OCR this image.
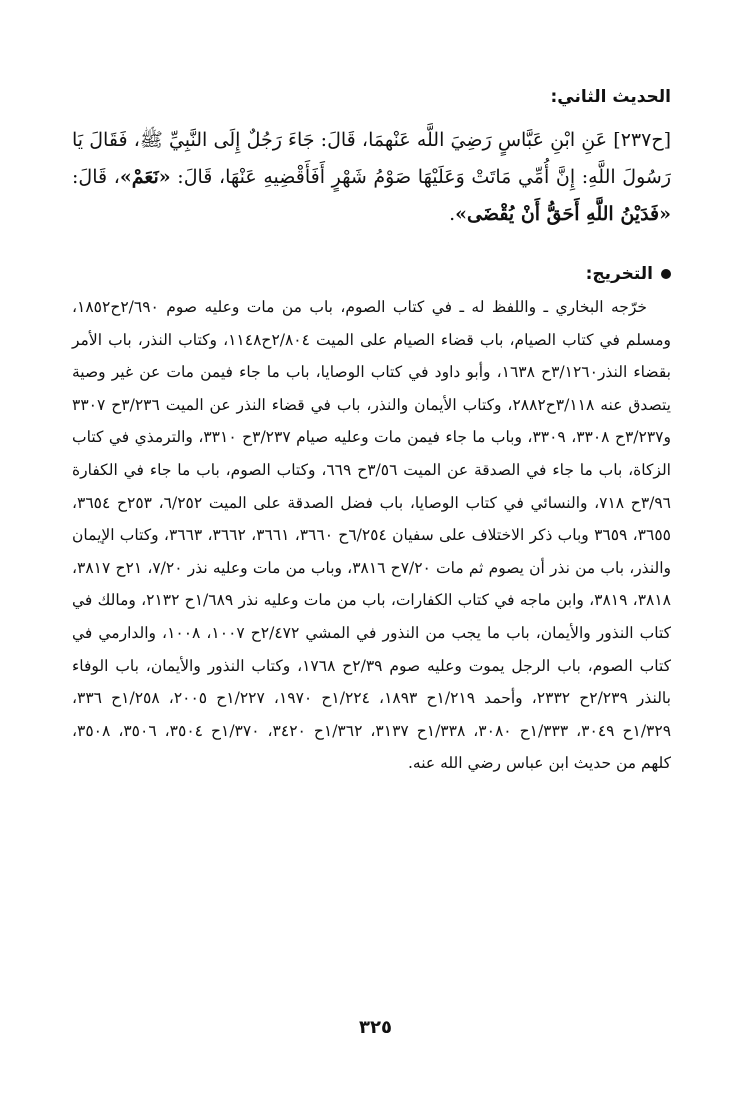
الحديث الثاني:

[ح٢٣٧] عَنِ ابْنِ عَبَّاسٍ رَضِيَ اللَّه عَنْهمَا، قَالَ: جَاءَ رَجُلٌ إِلَى النَّبِيِّ ﷺ، فَقَالَ يَا رَسُولَ اللَّهِ: إِنَّ أُمِّي مَاتَتْ وَعَلَيْهَا صَوْمُ شَهْرٍ أَفَأَقْضِيهِ عَنْهَا، قَالَ: «نَعَمْ»، قَالَ: «فَدَيْنُ اللَّهِ أَحَقُّ أَنْ يُقْضَى».

التخريج:

خرّجه البخاري ـ واللفظ له ـ في كتاب الصوم، باب من مات وعليه صوم ٢/٦٩٠ح١٨٥٢، ومسلم في كتاب الصيام، باب قضاء الصيام على الميت ٢/٨٠٤ح١١٤٨، وكتاب النذر، باب الأمر بقضاء النذر٣/١٢٦٠ح ١٦٣٨، وأبو داود في كتاب الوصايا، باب ما جاء فيمن مات عن غير وصية يتصدق عنه ٣/١١٨ح٢٨٨٢، وكتاب الأيمان والنذر، باب في قضاء النذر عن الميت ٣/٢٣٦ح ٣٣٠٧ و٣/٢٣٧ح ٣٣٠٨، ٣٣٠٩، وباب ما جاء فيمن مات وعليه صيام ٣/٢٣٧ح ٣٣١٠، والترمذي في كتاب الزكاة، باب ما جاء في الصدقة عن الميت ٣/٥٦ح ٦٦٩، وكتاب الصوم، باب ما جاء في الكفارة ٣/٩٦ح ٧١٨، والنسائي في كتاب الوصايا، باب فضل الصدقة على الميت ٦/٢٥٢، ٢٥٣ح ٣٦٥٤، ٣٦٥٥، ٣٦٥٩ وباب ذكر الاختلاف على سفيان ٦/٢٥٤ح ٣٦٦٠، ٣٦٦١، ٣٦٦٢، ٣٦٦٣، وكتاب الإيمان والنذر، باب من نذر أن يصوم ثم مات ٧/٢٠ح ٣٨١٦، وباب من مات وعليه نذر ٧/٢٠، ٢١ح ٣٨١٧، ٣٨١٨، ٣٨١٩، وابن ماجه في كتاب الكفارات، باب من مات وعليه نذر ١/٦٨٩ح ٢١٣٢، ومالك في كتاب النذور والأيمان، باب ما يجب من النذور في المشي ٢/٤٧٢ح ١٠٠٧، ١٠٠٨، والدارمي في كتاب الصوم، باب الرجل يموت وعليه صوم ٢/٣٩ح ١٧٦٨، وكتاب النذور والأيمان، باب الوفاء بالنذر ٢/٢٣٩ح ٢٣٣٢، وأحمد ١/٢١٩ح ١٨٩٣، ١/٢٢٤ح ١٩٧٠، ١/٢٢٧ح ٢٠٠٥، ١/٢٥٨ح ٣٣٦، ١/٣٢٩ح ٣٠٤٩، ١/٣٣٣ح ٣٠٨٠، ١/٣٣٨ح ٣١٣٧، ١/٣٦٢ح ٣٤٢٠، ١/٣٧٠ح ٣٥٠٤، ٣٥٠٦، ٣٥٠٨، كلهم من حديث ابن عباس رضي الله عنه.

٣٢٥
